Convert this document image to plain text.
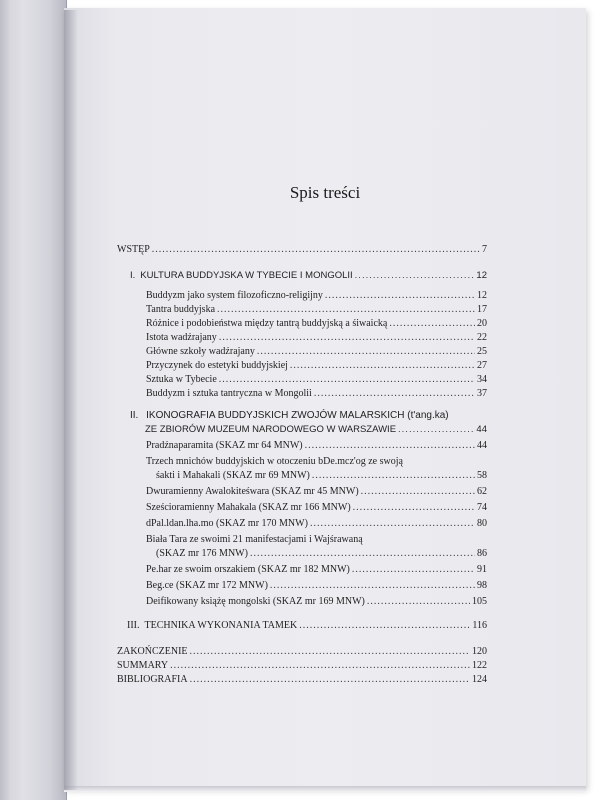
Spis treści
WSTĘP .....	7
I. KULTURA BUDDYJSKA W TYBECIE I MONGOLII .....	12
Buddyzm jako system filozoficzno-religijny .....	12
Tantra buddyjska .....	17
Różnice i podobieństwa między tantrą buddyjską a śiwaicką .....	20
Istota wadźrajany .....	22
Główne szkoły wadźrajany .....	25
Przyczynek do estetyki buddyjskiej .....	27
Sztuka w Tybecie .....	34
Buddyzm i sztuka tantryczna w Mongolii .....	37
II. IKONOGRAFIA BUDDYJSKICH ZWOJÓW MALARSKICH (t'ang.ka)
ZE ZBIORÓW MUZEUM NARODOWEGO W WARSZAWIE .....	44
Pradźnaparamita (SKAZ mr 64 MNW) .....	44
Trzech mnichów buddyjskich w otoczeniu bDe.mcz'og ze swoją
śakti i Mahakali (SKAZ mr 69 MNW) .....	58
Dwuramienny Awalokiteśwara (SKAZ mr 45 MNW) .....	62
Sześcioramienny Mahakala (SKAZ mr 166 MNW) .....	74
dPal.ldan.lha.mo (SKAZ mr 170 MNW) .....	80
Biała Tara ze swoimi 21 manifestacjami i Wajśrawaną
(SKAZ mr 176 MNW) .....	86
Pe.har ze swoim orszakiem (SKAZ mr 182 MNW) .....	91
Beg.ce (SKAZ mr 172 MNW) .....	98
Deifikowany książę mongolski (SKAZ mr 169 MNW) .....	105
III. TECHNIKA WYKONANIA TAMEK .....	116
ZAKOŃCZENIE .....	120
SUMMARY .....	122
BIBLIOGRAFIA .....	124
